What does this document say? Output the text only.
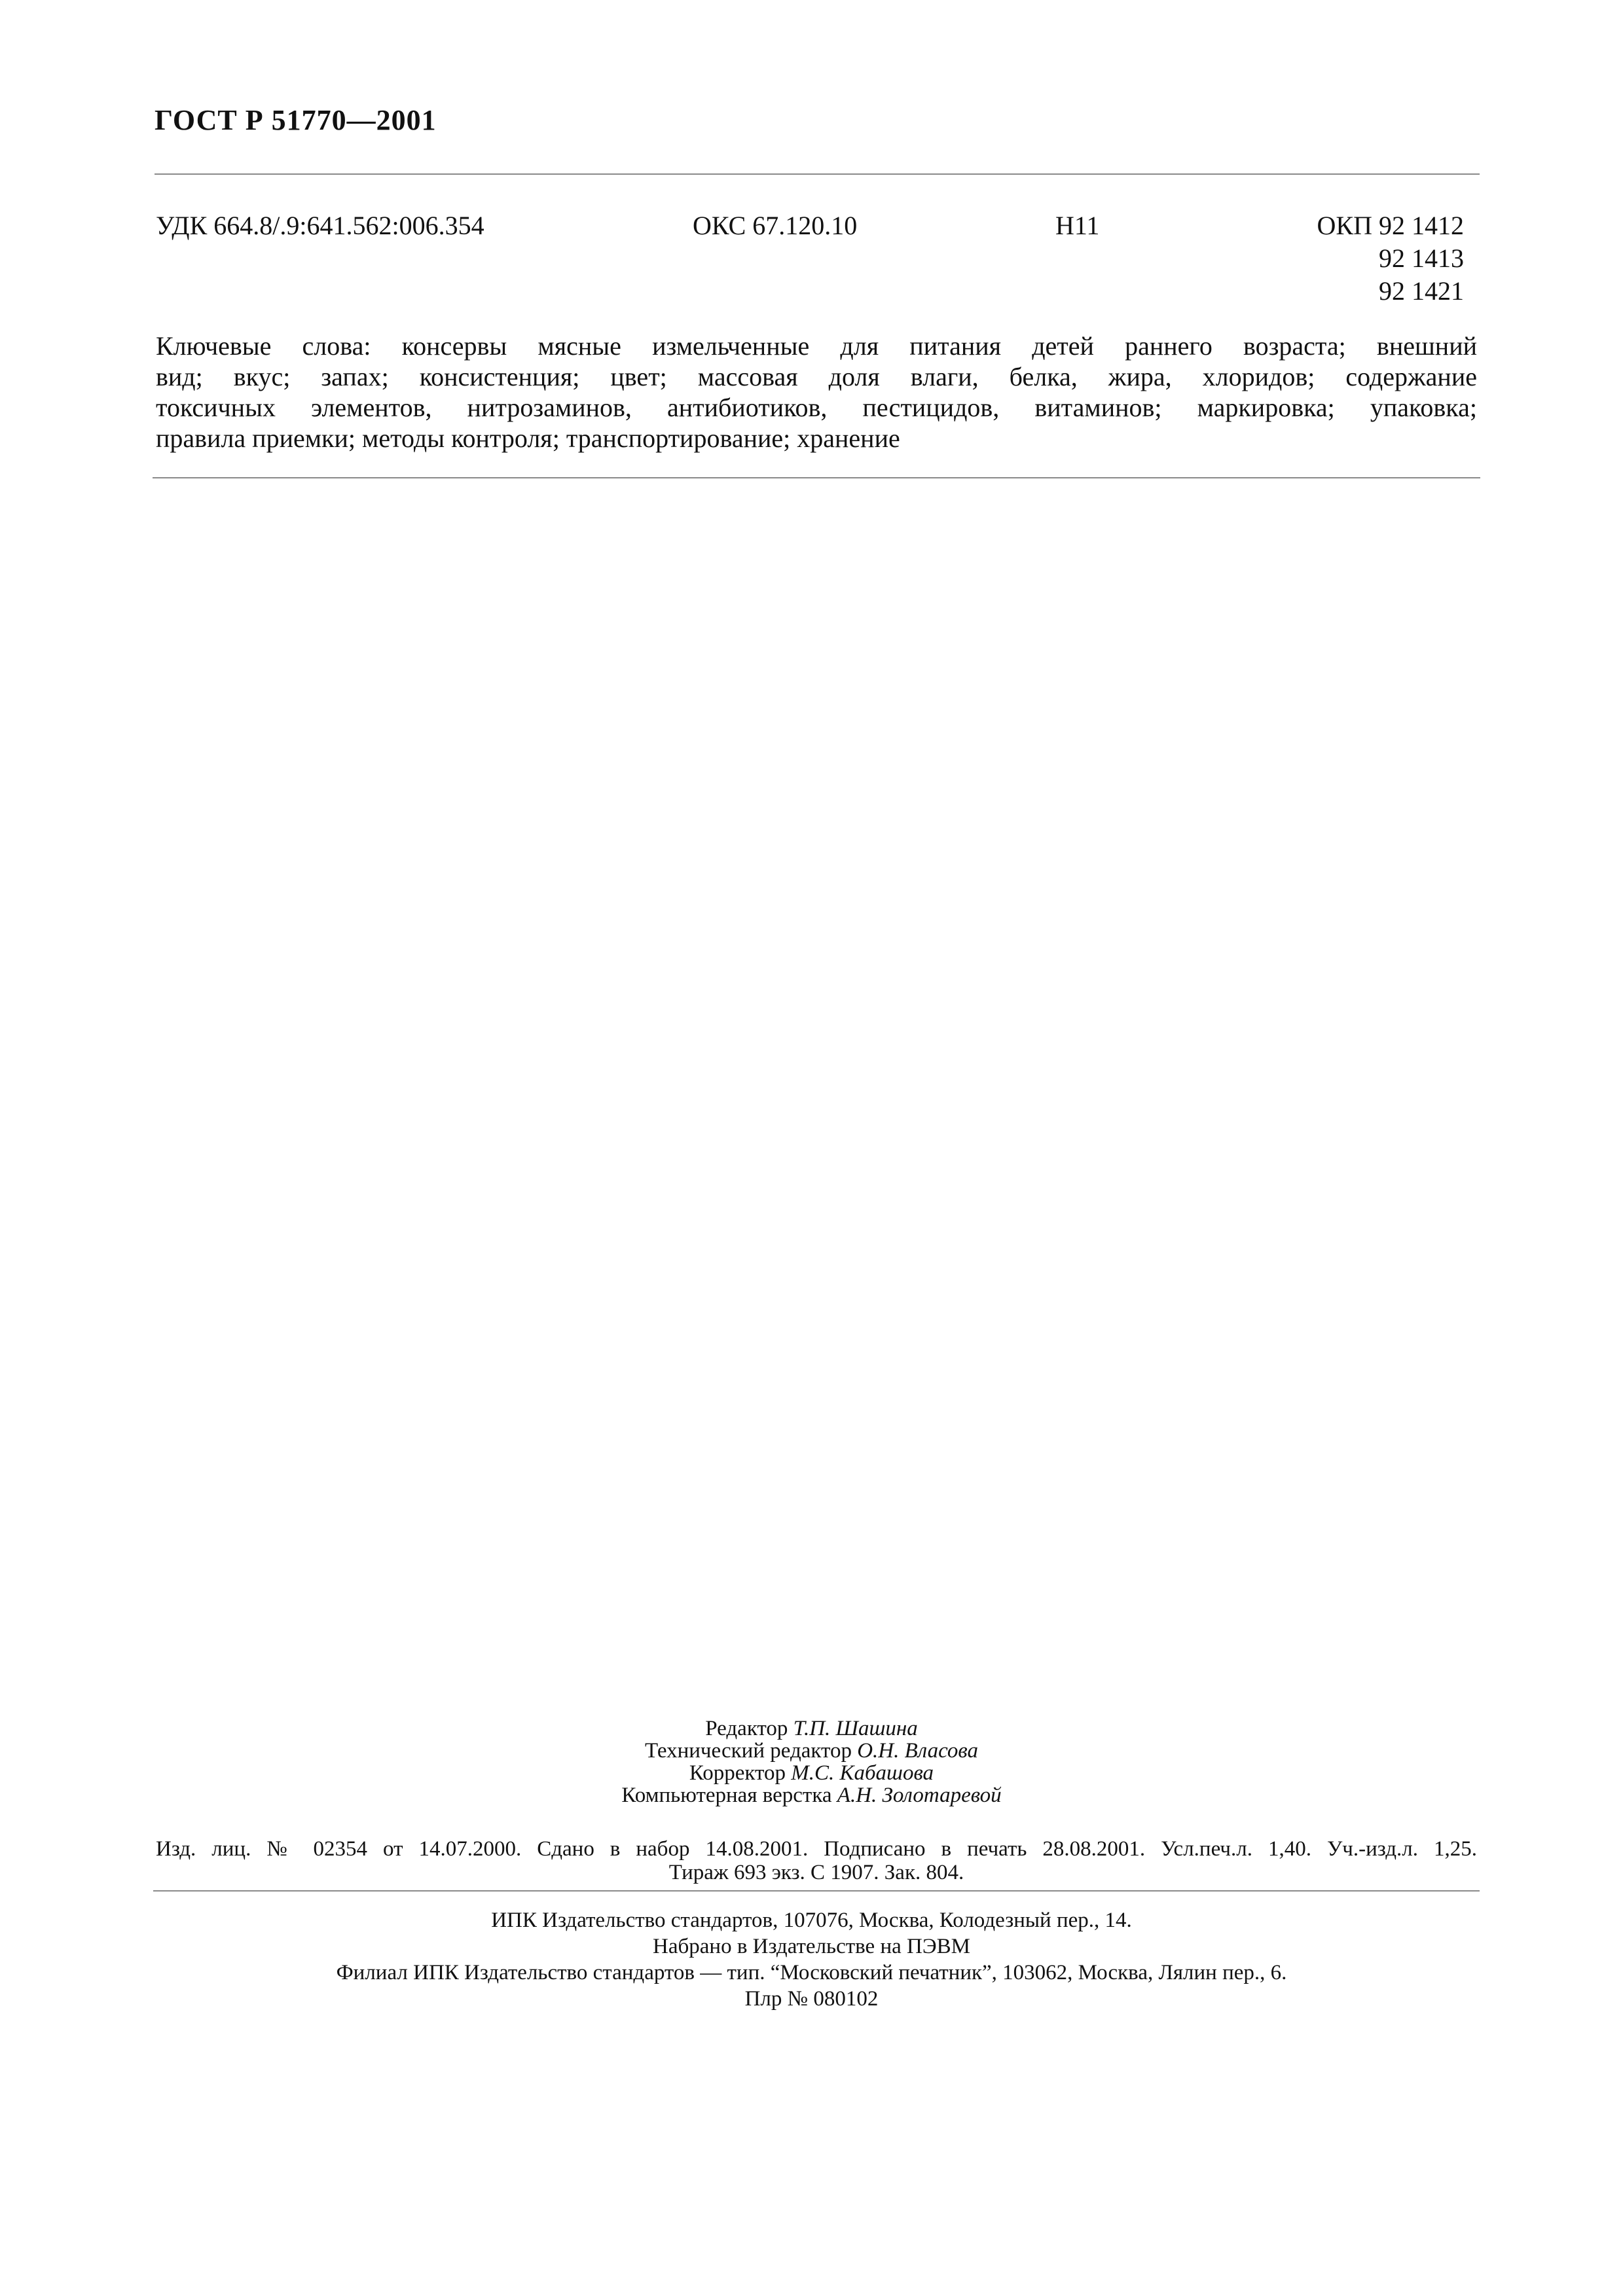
ГОСТ Р 51770—2001
УДК 664.8/.9:641.562:006.354	ОКС 67.120.10	Н11	ОКП 92 1412
92 1413
92 1421
Ключевые слова: консервы мясные измельченные для питания детей раннего возраста; внешний
вид; вкус; запах; консистенция; цвет; массовая доля влаги, белка, жира, хлоридов; содержание
токсичных элементов, нитрозаминов, антибиотиков, пестицидов, витаминов; маркировка; упаковка;
правила приемки; методы контроля; транспортирование; хранение
Редактор Т.П. Шашина
Технический редактор О.Н. Власова
Корректор М.С. Кабашова
Компьютерная верстка А.Н. Золотаревой
Изд. лиц. № 02354 от 14.07.2000. Сдано в набор 14.08.2001. Подписано в печать 28.08.2001. Усл.печ.л. 1,40. Уч.-изд.л. 1,25.
Тираж 693 экз. С 1907. Зак. 804.
ИПК Издательство стандартов, 107076, Москва, Колодезный пер., 14.
Набрано в Издательстве на ПЭВМ
Филиал ИПК Издательство стандартов — тип. “Московский печатник”, 103062, Москва, Лялин пер., 6.
Плр № 080102
